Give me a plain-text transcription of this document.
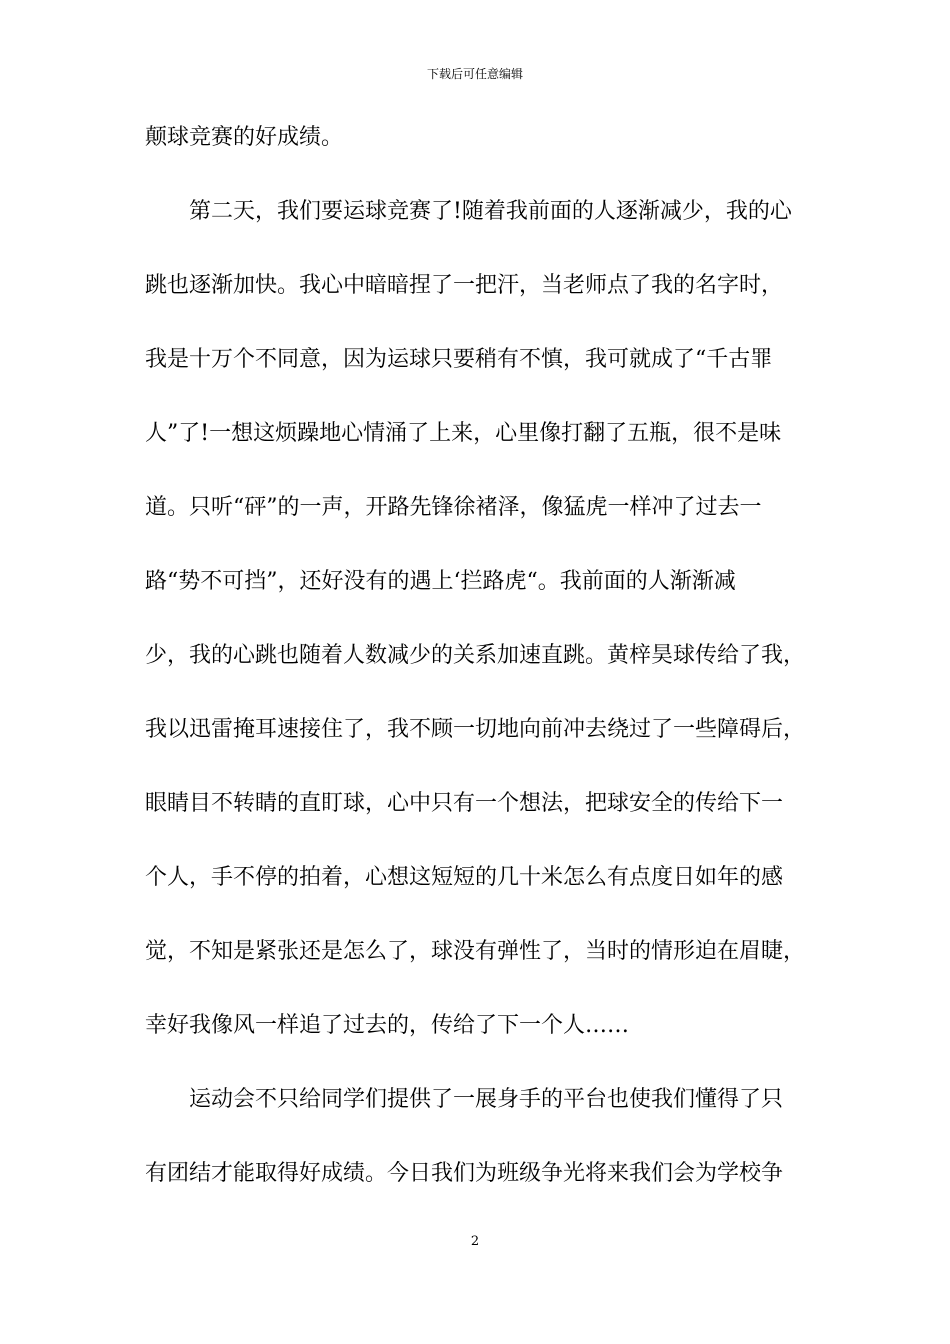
下载后可任意编辑
颠球竞赛的好成绩。
第二天，我们要运球竞赛了!随着我前面的人逐渐减少，我的心
跳也逐渐加快。我心中暗暗捏了一把汗，当老师点了我的名字时，
我是十万个不同意，因为运球只要稍有不慎，我可就成了“千古罪
人”了!一想这烦躁地心情涌了上来，心里像打翻了五瓶，很不是味
道。只听“砰”的一声，开路先锋徐褚泽，像猛虎一样冲了过去一
路“势不可挡”，还好没有的遇上‘拦路虎“。我前面的人渐渐减
少，我的心跳也随着人数减少的关系加速直跳。黄梓昊球传给了我，
我以迅雷掩耳速接住了，我不顾一切地向前冲去绕过了一些障碍后，
眼睛目不转睛的直盯球，心中只有一个想法，把球安全的传给下一
个人，手不停的拍着，心想这短短的几十米怎么有点度日如年的感
觉，不知是紧张还是怎么了，球没有弹性了，当时的情形迫在眉睫，
幸好我像风一样追了过去的，传给了下一个人……
运动会不只给同学们提供了一展身手的平台也使我们懂得了只
有团结才能取得好成绩。今日我们为班级争光将来我们会为学校争
2
